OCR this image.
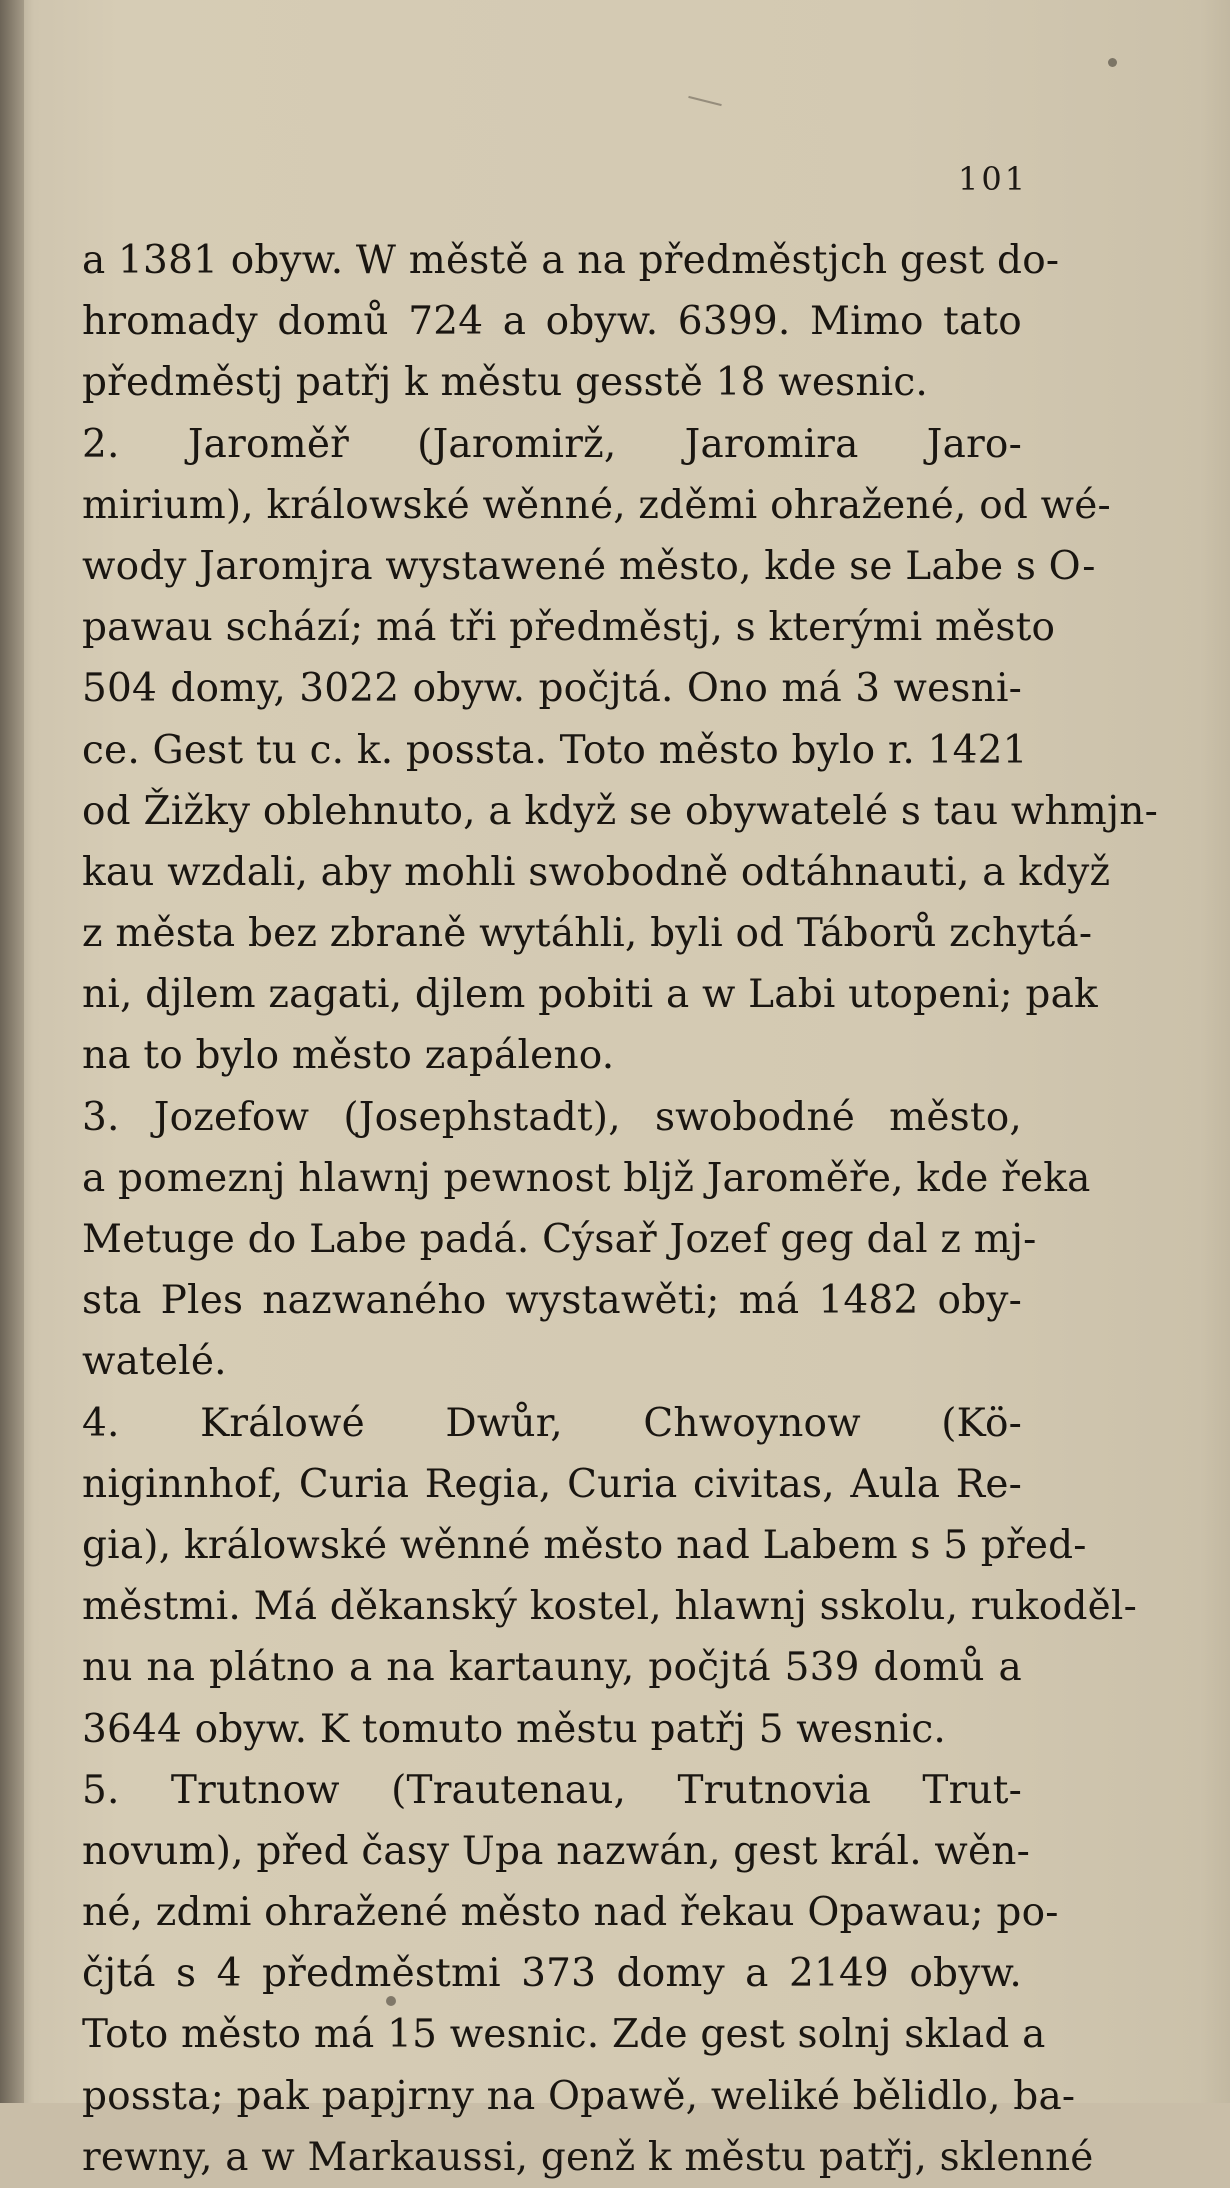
101
a 1381 obyw. W městě a na předměstjch gest do-
hromady domů 724 a obyw. 6399. Mimo tato
předměstj patřj k městu gesstě 18 wesnic.
2. Jaroměř (Jaromirž, Jaromira Jaro-
mirium), králowské wěnné, zděmi ohražené, od wé-
wody Jaromjra wystawené město, kde se Labe s O-
pawau schází; má tři předměstj, s kterými město
504 domy, 3022 obyw. počjtá. Ono má 3 wesni-
ce. Gest tu c. k. possta. Toto město bylo r. 1421
od Žižky oblehnuto, a když se obywatelé s tau whmjn-
kau wzdali, aby mohli swobodně odtáhnauti, a když
z města bez zbraně wytáhli, byli od Táborů zchytá-
ni, djlem zagati, djlem pobiti a w Labi utopeni; pak
na to bylo město zapáleno.
3. Jozefow (Josephstadt), swobodné město,
a pomeznj hlawnj pewnost bljž Jaroměře, kde řeka
Metuge do Labe padá. Cýsař Jozef geg dal z mj-
sta Ples nazwaného wystawěti; má 1482 oby-
watelé.
4. Králowé Dwůr, Chwoynow (Kö-
niginnhof, Curia Regia, Curia civitas, Aula Re-
gia), králowské wěnné město nad Labem s 5 před-
městmi. Má děkanský kostel, hlawnj sskolu, rukoděl-
nu na plátno a na kartauny, počjtá 539 domů a
3644 obyw. K tomuto městu patřj 5 wesnic.
5. Trutnow (Trautenau, Trutnovia Trut-
novum), před časy Upa nazwán, gest král. wěn-
né, zdmi ohražené město nad řekau Opawau; po-
čjtá s 4 předměstmi 373 domy a 2149 obyw.
Toto město má 15 wesnic. Zde gest solnj sklad a
possta; pak papjrny na Opawě, weliké bělidlo, ba-
rewny, a w Markaussi, genž k městu patřj, sklenné
